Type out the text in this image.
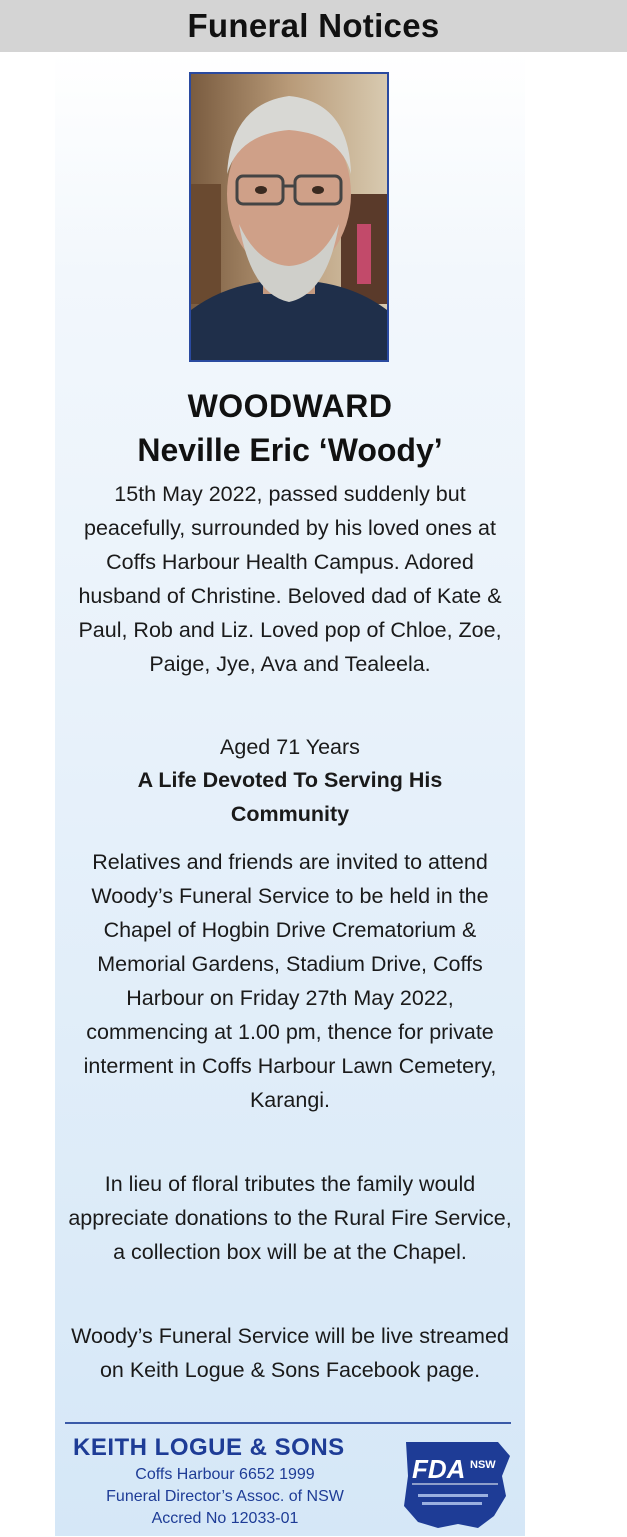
Funeral Notices
WOODWARD
Neville Eric ‘Woody’
15th May 2022, passed suddenly but peacefully, surrounded by his loved ones at Coffs Harbour Health Campus. Adored husband of Christine. Beloved dad of Kate & Paul, Rob and Liz. Loved pop of Chloe, Zoe, Paige, Jye, Ava and Tealeela.
Aged 71 Years
A Life Devoted To Serving His Community
Relatives and friends are invited to attend Woody’s Funeral Service to be held in the Chapel of Hogbin Drive Crematorium & Memorial Gardens, Stadium Drive, Coffs Harbour on Friday 27th May 2022, commencing at 1.00 pm, thence for private interment in Coffs Harbour Lawn Cemetery, Karangi.
In lieu of floral tributes the family would appreciate donations to the Rural Fire Service, a collection box will be at the Chapel.
Woody’s Funeral Service will be live streamed on Keith Logue & Sons Facebook page.
KEITH LOGUE & SONS
Coffs Harbour 6652 1999
Funeral Director’s Assoc. of NSW
Accred No 12033-01
FDA NSW
